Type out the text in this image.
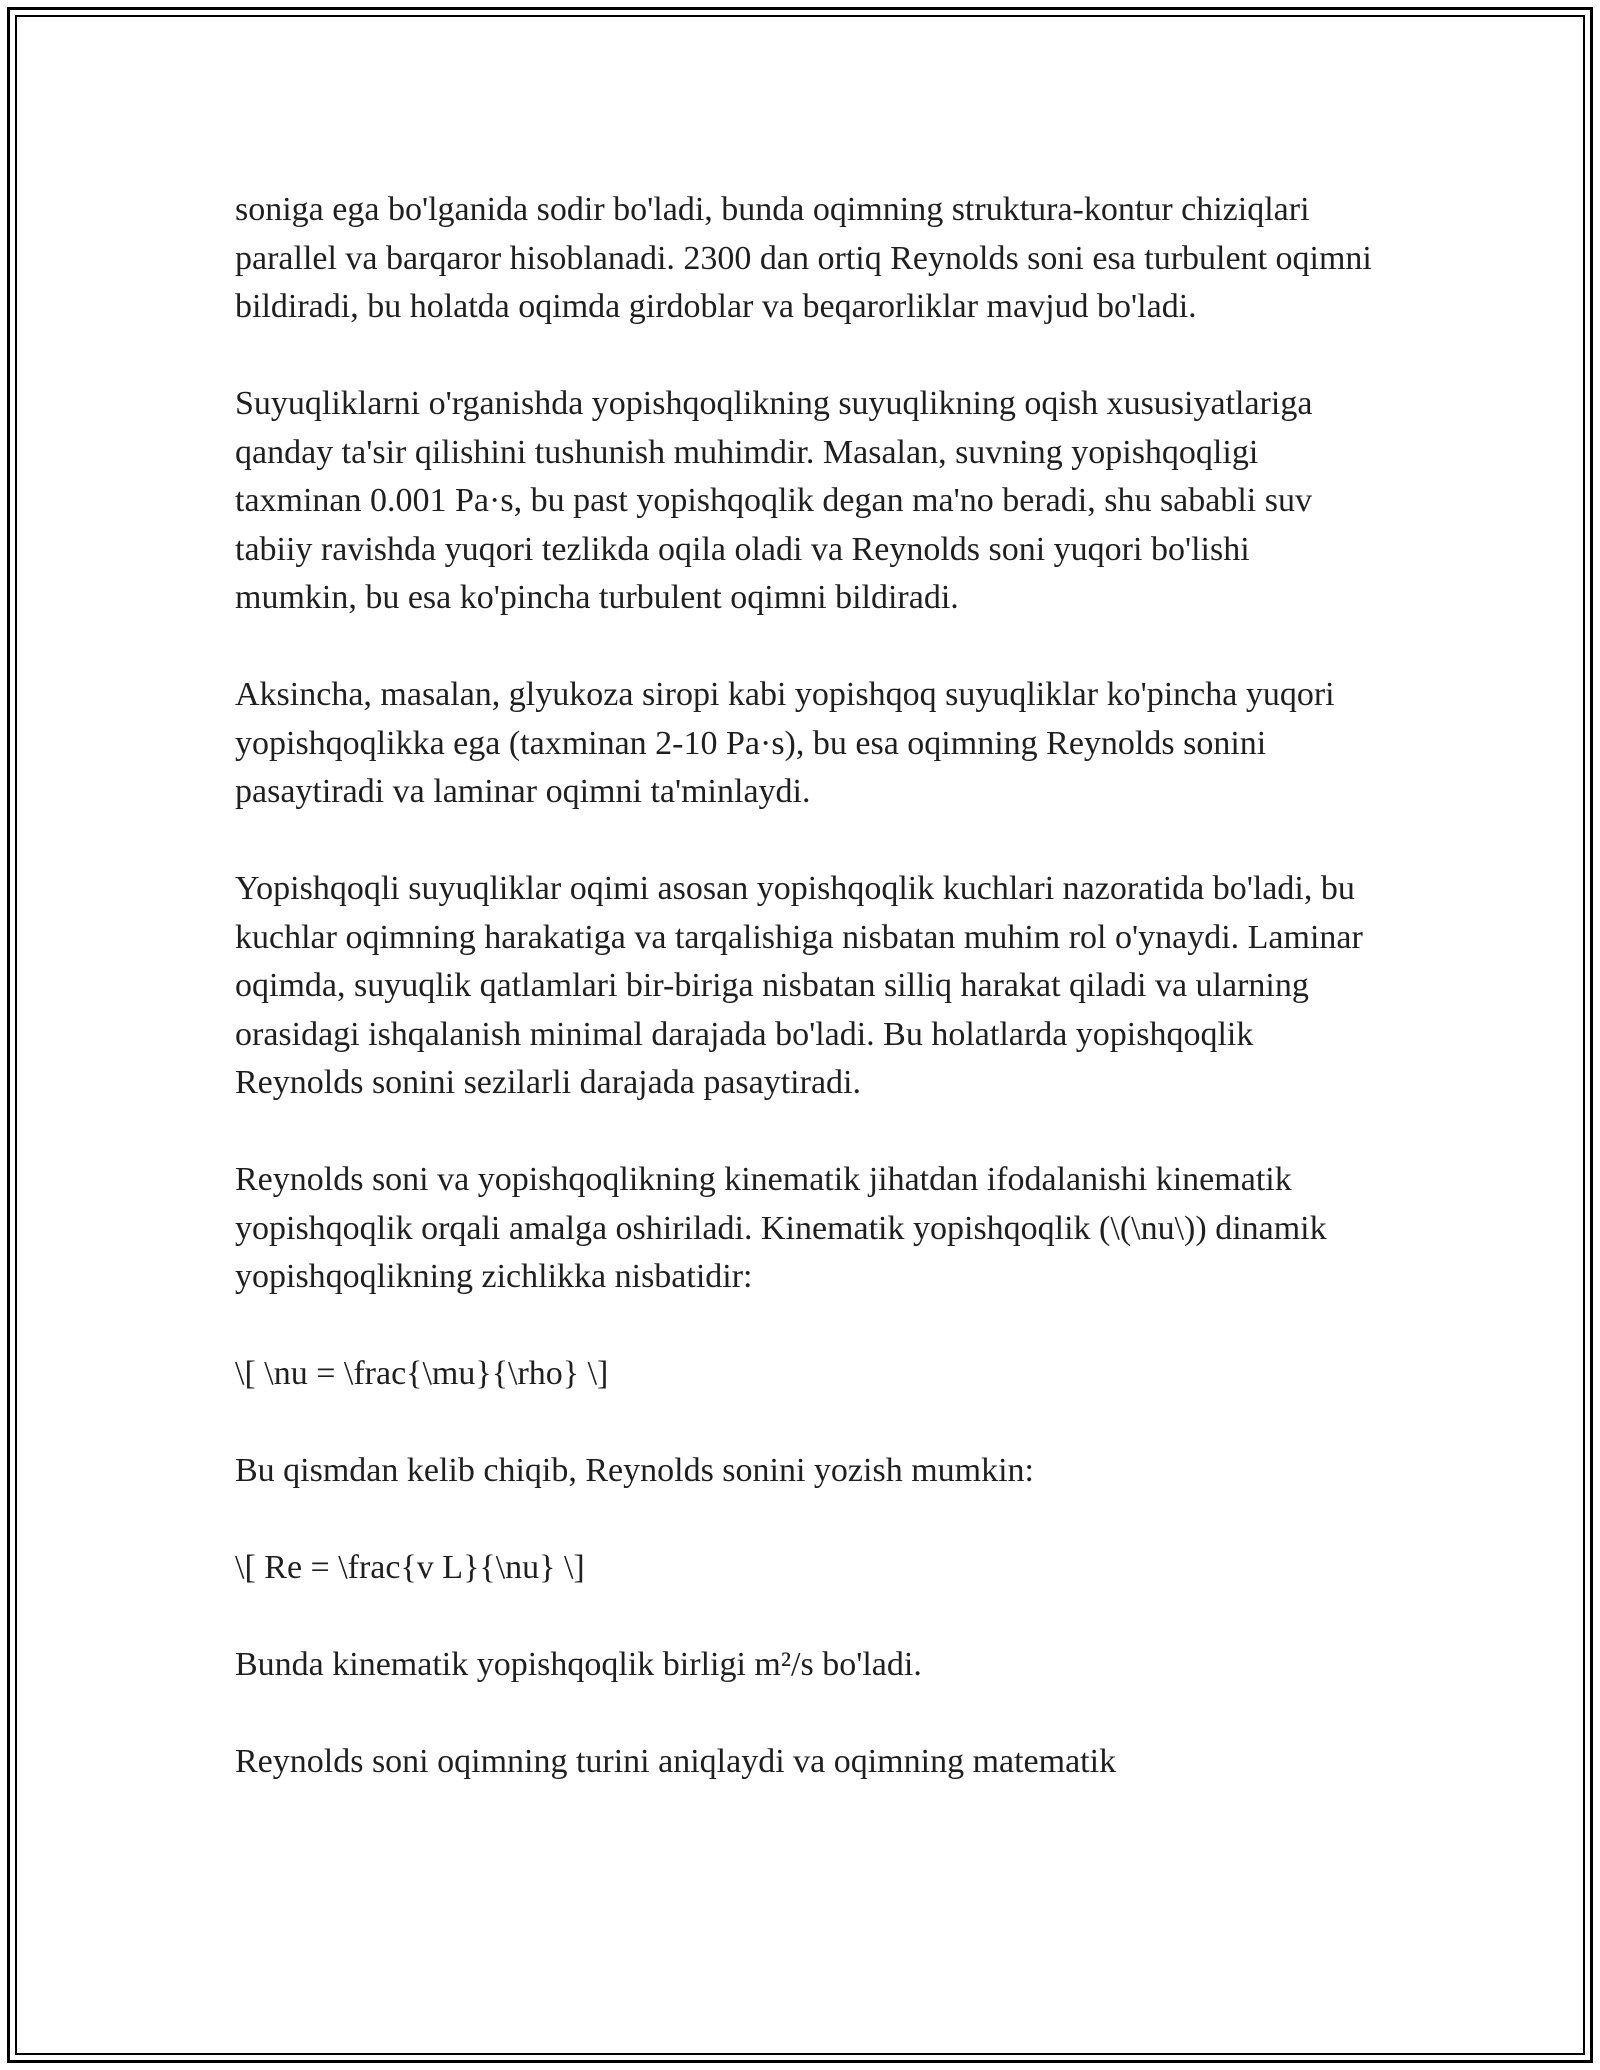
soniga ega bo'lganida sodir bo'ladi, bunda oqimning struktura-kontur chiziqlari parallel va barqaror hisoblanadi. 2300 dan ortiq Reynolds soni esa turbulent oqimni bildiradi, bu holatda oqimda girdoblar va beqarorliklar mavjud bo'ladi.

Suyuqliklarni o'rganishda yopishqoqlikning suyuqlikning oqish xususiyatlariga qanday ta'sir qilishini tushunish muhimdir. Masalan, suvning yopishqoqligi taxminan 0.001 Pa·s, bu past yopishqoqlik degan ma'no beradi, shu sababli suv tabiiy ravishda yuqori tezlikda oqila oladi va Reynolds soni yuqori bo'lishi mumkin, bu esa ko'pincha turbulent oqimni bildiradi.

Aksincha, masalan, glyukoza siropi kabi yopishqoq suyuqliklar ko'pincha yuqori yopishqoqlikka ega (taxminan 2-10 Pa·s), bu esa oqimning Reynolds sonini pasaytiradi va laminar oqimni ta'minlaydi.

Yopishqoqli suyuqliklar oqimi asosan yopishqoqlik kuchlari nazoratida bo'ladi, bu kuchlar oqimning harakatiga va tarqalishiga nisbatan muhim rol o'ynaydi. Laminar oqimda, suyuqlik qatlamlari bir-biriga nisbatan silliq harakat qiladi va ularning orasidagi ishqalanish minimal darajada bo'ladi. Bu holatlarda yopishqoqlik Reynolds sonini sezilarli darajada pasaytiradi.

Reynolds soni va yopishqoqlikning kinematik jihatdan ifodalanishi kinematik yopishqoqlik orqali amalga oshiriladi. Kinematik yopishqoqlik (\(\nu\)) dinamik yopishqoqlikning zichlikka nisbatidir:

\[ \nu = \frac{\mu}{\rho} \]

Bu qismdan kelib chiqib, Reynolds sonini yozish mumkin:

\[ Re = \frac{v L}{\nu} \]

Bunda kinematik yopishqoqlik birligi m²/s bo'ladi.

Reynolds soni oqimning turini aniqlaydi va oqimning matematik
